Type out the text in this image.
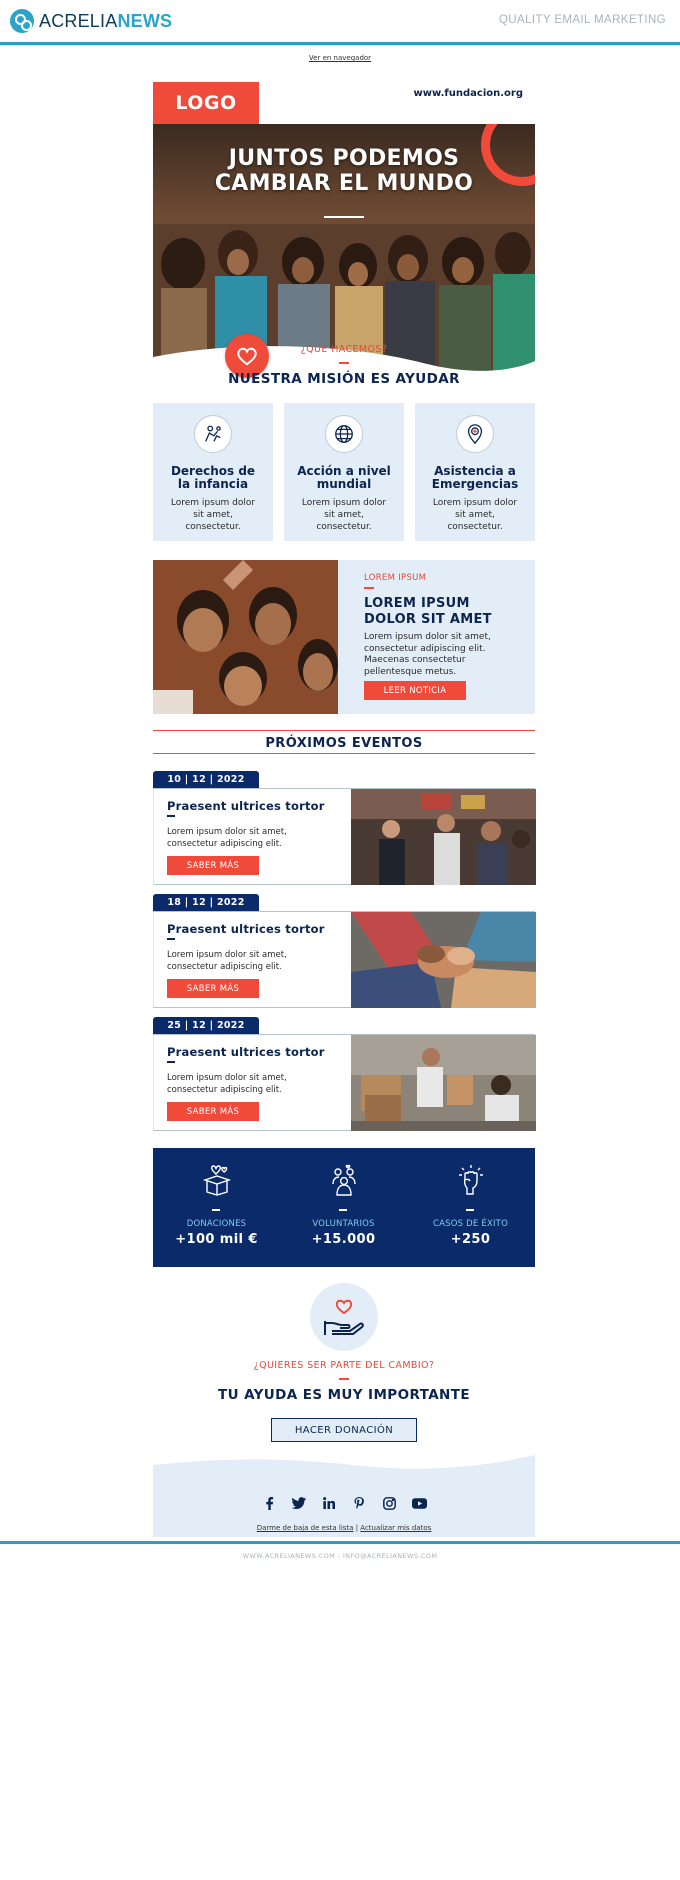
ACRELIANEWS	QUALITY EMAIL MARKETING
Ver en navegador
JUNTOS PODEMOS
CAMBIAR EL MUNDO
LOGO	www.fundacion.org
¿QUÉ HACEMOS?
NUESTRA MISIÓN ES AYUDAR
Derechos de
la infancia
Lorem ipsum dolor
sit amet,
consectetur.
Acción a nivel
mundial
Lorem ipsum dolor
sit amet,
consectetur.
Asistencia a
Emergencias
Lorem ipsum dolor
sit amet,
consectetur.
LOREM IPSUM
LOREM IPSUM
DOLOR SIT AMET
Lorem ipsum dolor sit amet,
consectetur adipiscing elit.
Maecenas consectetur
pellentesque metus.
LEER NOTICIA
PRÓXIMOS EVENTOS
10 | 12 | 2022
Praesent ultrices tortor
Lorem ipsum dolor sit amet,
consectetur adipiscing elit.
SABER MÁS
18 | 12 | 2022
Praesent ultrices tortor
Lorem ipsum dolor sit amet,
consectetur adipiscing elit.
SABER MÁS
25 | 12 | 2022
Praesent ultrices tortor
Lorem ipsum dolor sit amet,
consectetur adipiscing elit.
SABER MÁS
DONACIONES
+100 mil €
VOLUNTARIOS
+15.000
CASOS DE ÉXITO
+250
¿QUIERES SER PARTE DEL CAMBIO?
TU AYUDA ES MUY IMPORTANTE
HACER DONACIÓN
Darme de baja de esta lista | Actualizar mis datos
WWW.ACRELIANEWS.COM - INFO@ACRELIANEWS.COM
